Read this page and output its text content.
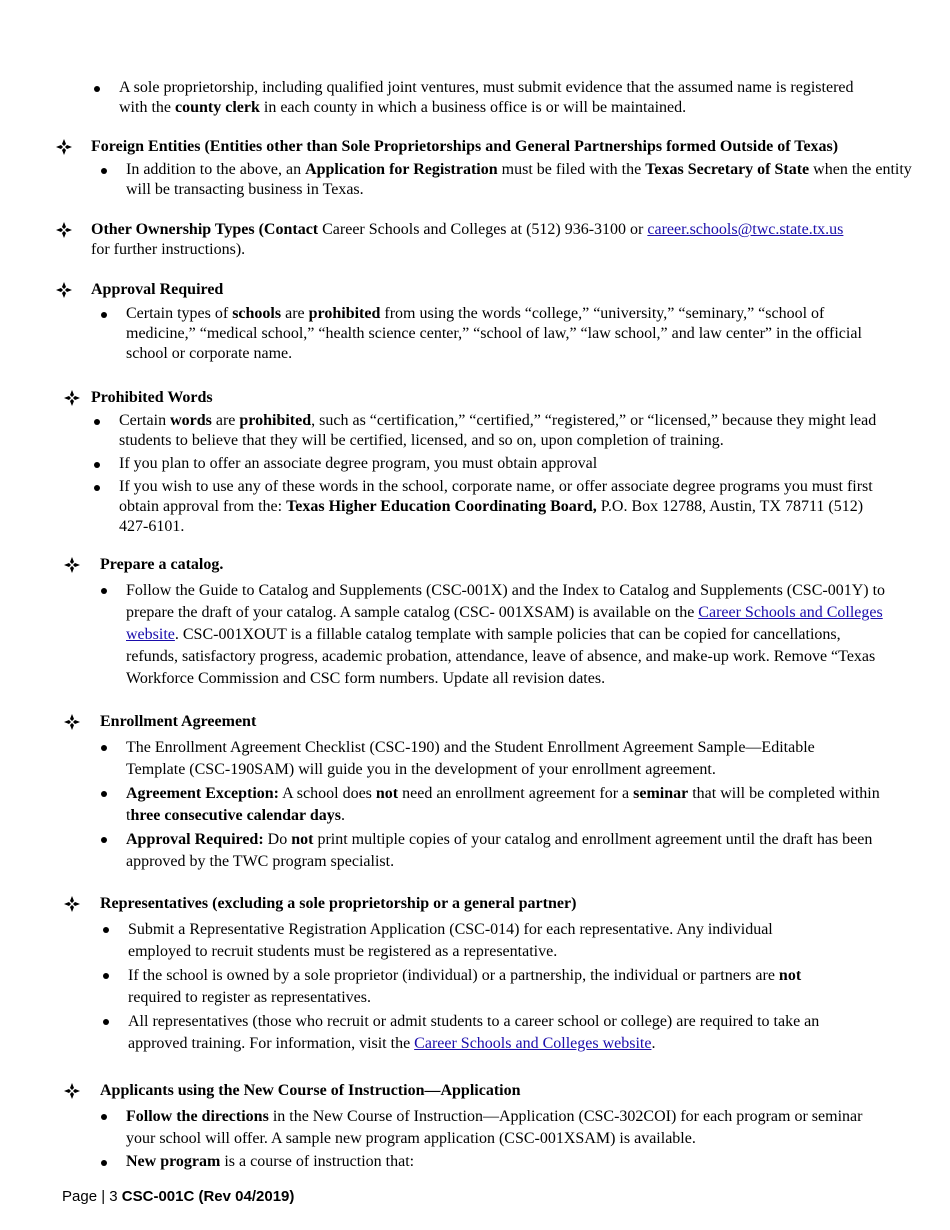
A sole proprietorship, including qualified joint ventures, must submit evidence that the assumed name is registered with the county clerk in each county in which a business office is or will be maintained.
Foreign Entities (Entities other than Sole Proprietorships and General Partnerships formed Outside of Texas)
In addition to the above, an Application for Registration must be filed with the Texas Secretary of State when the entity will be transacting business in Texas.
Other Ownership Types (Contact Career Schools and Colleges at (512) 936-3100 or career.schools@twc.state.tx.us
for further instructions).
Approval Required
Certain types of schools are prohibited from using the words “college,” “university,” “seminary,” “school of medicine,” “medical school,” “health science center,” “school of law,” “law school,” and law center” in the official school or corporate name.
Prohibited Words
Certain words are prohibited, such as “certification,” “certified,” “registered,” or “licensed,” because they might lead students to believe that they will be certified, licensed, and so on, upon completion of training.
If you plan to offer an associate degree program, you must obtain approval
If you wish to use any of these words in the school, corporate name, or offer associate degree programs you must first obtain approval from the: Texas Higher Education Coordinating Board, P.O. Box 12788, Austin, TX 78711 (512) 427-6101.
Prepare a catalog.
Follow the Guide to Catalog and Supplements (CSC-001X) and the Index to Catalog and Supplements (CSC-001Y) to prepare the draft of your catalog. A sample catalog (CSC- 001XSAM) is available on the Career Schools and Colleges website. CSC-001XOUT is a fillable catalog template with sample policies that can be copied for cancellations, refunds, satisfactory progress, academic probation, attendance, leave of absence, and make-up work. Remove “Texas Workforce Commission and CSC form numbers. Update all revision dates.
Enrollment Agreement
The Enrollment Agreement Checklist (CSC-190) and the Student Enrollment Agreement Sample—Editable Template (CSC-190SAM) will guide you in the development of your enrollment agreement.
Agreement Exception: A school does not need an enrollment agreement for a seminar that will be completed within three consecutive calendar days.
Approval Required: Do not print multiple copies of your catalog and enrollment agreement until the draft has been approved by the TWC program specialist.
Representatives (excluding a sole proprietorship or a general partner)
Submit a Representative Registration Application (CSC-014) for each representative. Any individual employed to recruit students must be registered as a representative.
If the school is owned by a sole proprietor (individual) or a partnership, the individual or partners are not required to register as representatives.
All representatives (those who recruit or admit students to a career school or college) are required to take an approved training. For information, visit the Career Schools and Colleges website.
Applicants using the New Course of Instruction—Application
Follow the directions in the New Course of Instruction—Application (CSC-302COI) for each program or seminar your school will offer. A sample new program application (CSC-001XSAM) is available.
New program is a course of instruction that:
Page | 3 CSC-001C (Rev 04/2019)
